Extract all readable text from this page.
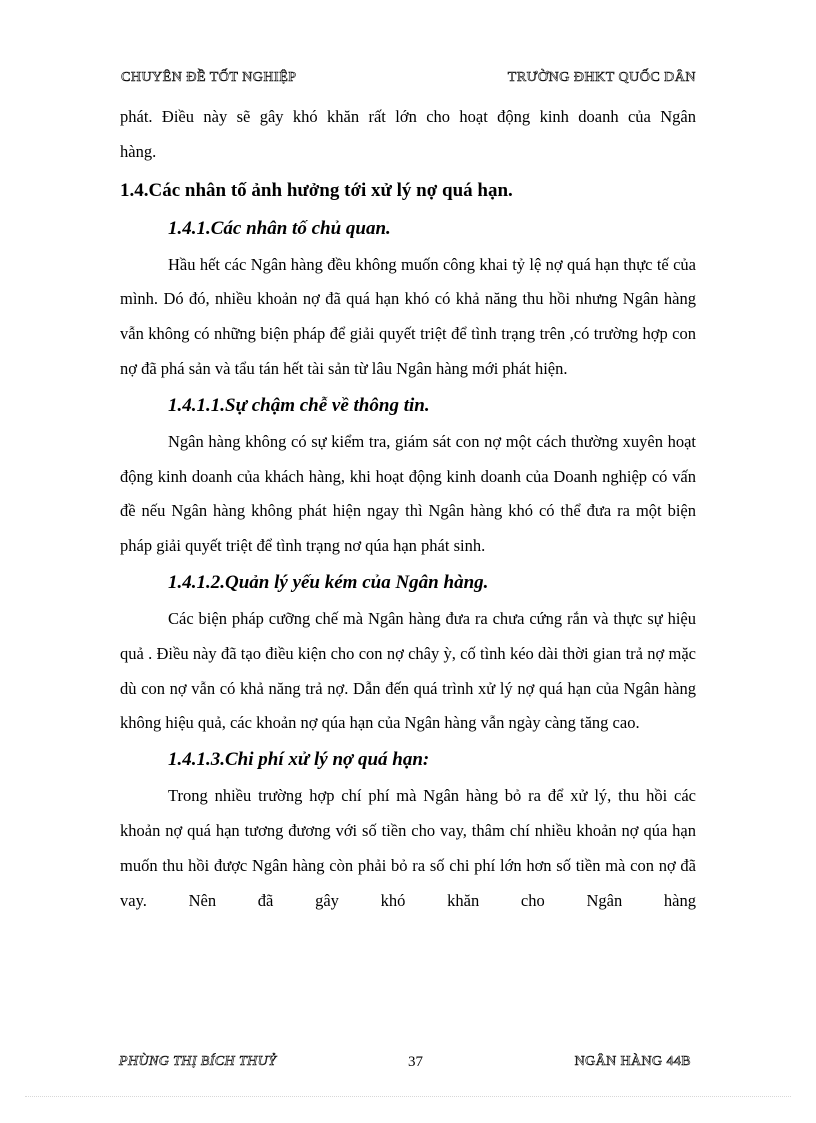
CHUYÊN ĐỀ TỐT NGHIỆP	TRƯỜNG ĐHKT QUỐC DÂN

phát. Điều này sẽ gây khó khăn rất lớn cho hoạt động kinh doanh của Ngân
hàng.

1.4.Các nhân tố ảnh hưởng tới xử lý nợ quá hạn.
1.4.1.Các nhân tố chủ quan.

Hầu hết các Ngân hàng đều không muốn công khai tỷ lệ nợ quá hạn thực tế của mình. Dó đó, nhiều khoản nợ đã quá hạn khó có khả năng thu hồi nhưng Ngân hàng vẫn không có những biện pháp để giải quyết triệt để tình trạng trên ,có trường hợp con nợ đã phá sản và tẩu tán hết tài sản từ lâu Ngân hàng mới phát hiện.

1.4.1.1.Sự chậm chễ về thông tin.

Ngân hàng không có sự kiểm tra, giám sát con nợ một cách thường xuyên hoạt động kinh doanh của khách hàng, khi hoạt động kinh doanh của Doanh nghiệp có vấn đề nếu Ngân hàng không phát hiện ngay thì Ngân hàng khó có thể đưa ra một biện pháp giải quyết triệt để tình trạng nơ qúa hạn phát sinh.

1.4.1.2.Quản lý yếu kém của Ngân hàng.

Các biện pháp cưỡng chế mà Ngân hàng đưa ra chưa cứng rắn và thực sự hiệu quả . Điều này đã tạo điều kiện cho con nợ chây ỳ, cố tình kéo dài thời gian trả nợ mặc dù con nợ vẫn có khả năng trả nợ. Dẫn đến quá trình xử lý nợ quá hạn của Ngân hàng không hiệu quả, các khoản nợ qúa hạn của Ngân hàng vẫn ngày càng tăng cao.

1.4.1.3.Chi phí xử lý nợ quá hạn:

Trong nhiều trường hợp chí phí mà Ngân hàng bỏ ra để xử lý, thu hồi các khoản nợ quá hạn tương đương với số tiền cho vay, thâm chí nhiều khoản nợ qúa hạn muốn thu hồi được Ngân hàng còn phải bỏ ra số chi phí lớn hơn số tiền mà con nợ đã vay. Nên đã gây khó khăn cho Ngân hàng

PHÙNG THỊ BÍCH THUỶ	37	NGÂN HÀNG 44B
